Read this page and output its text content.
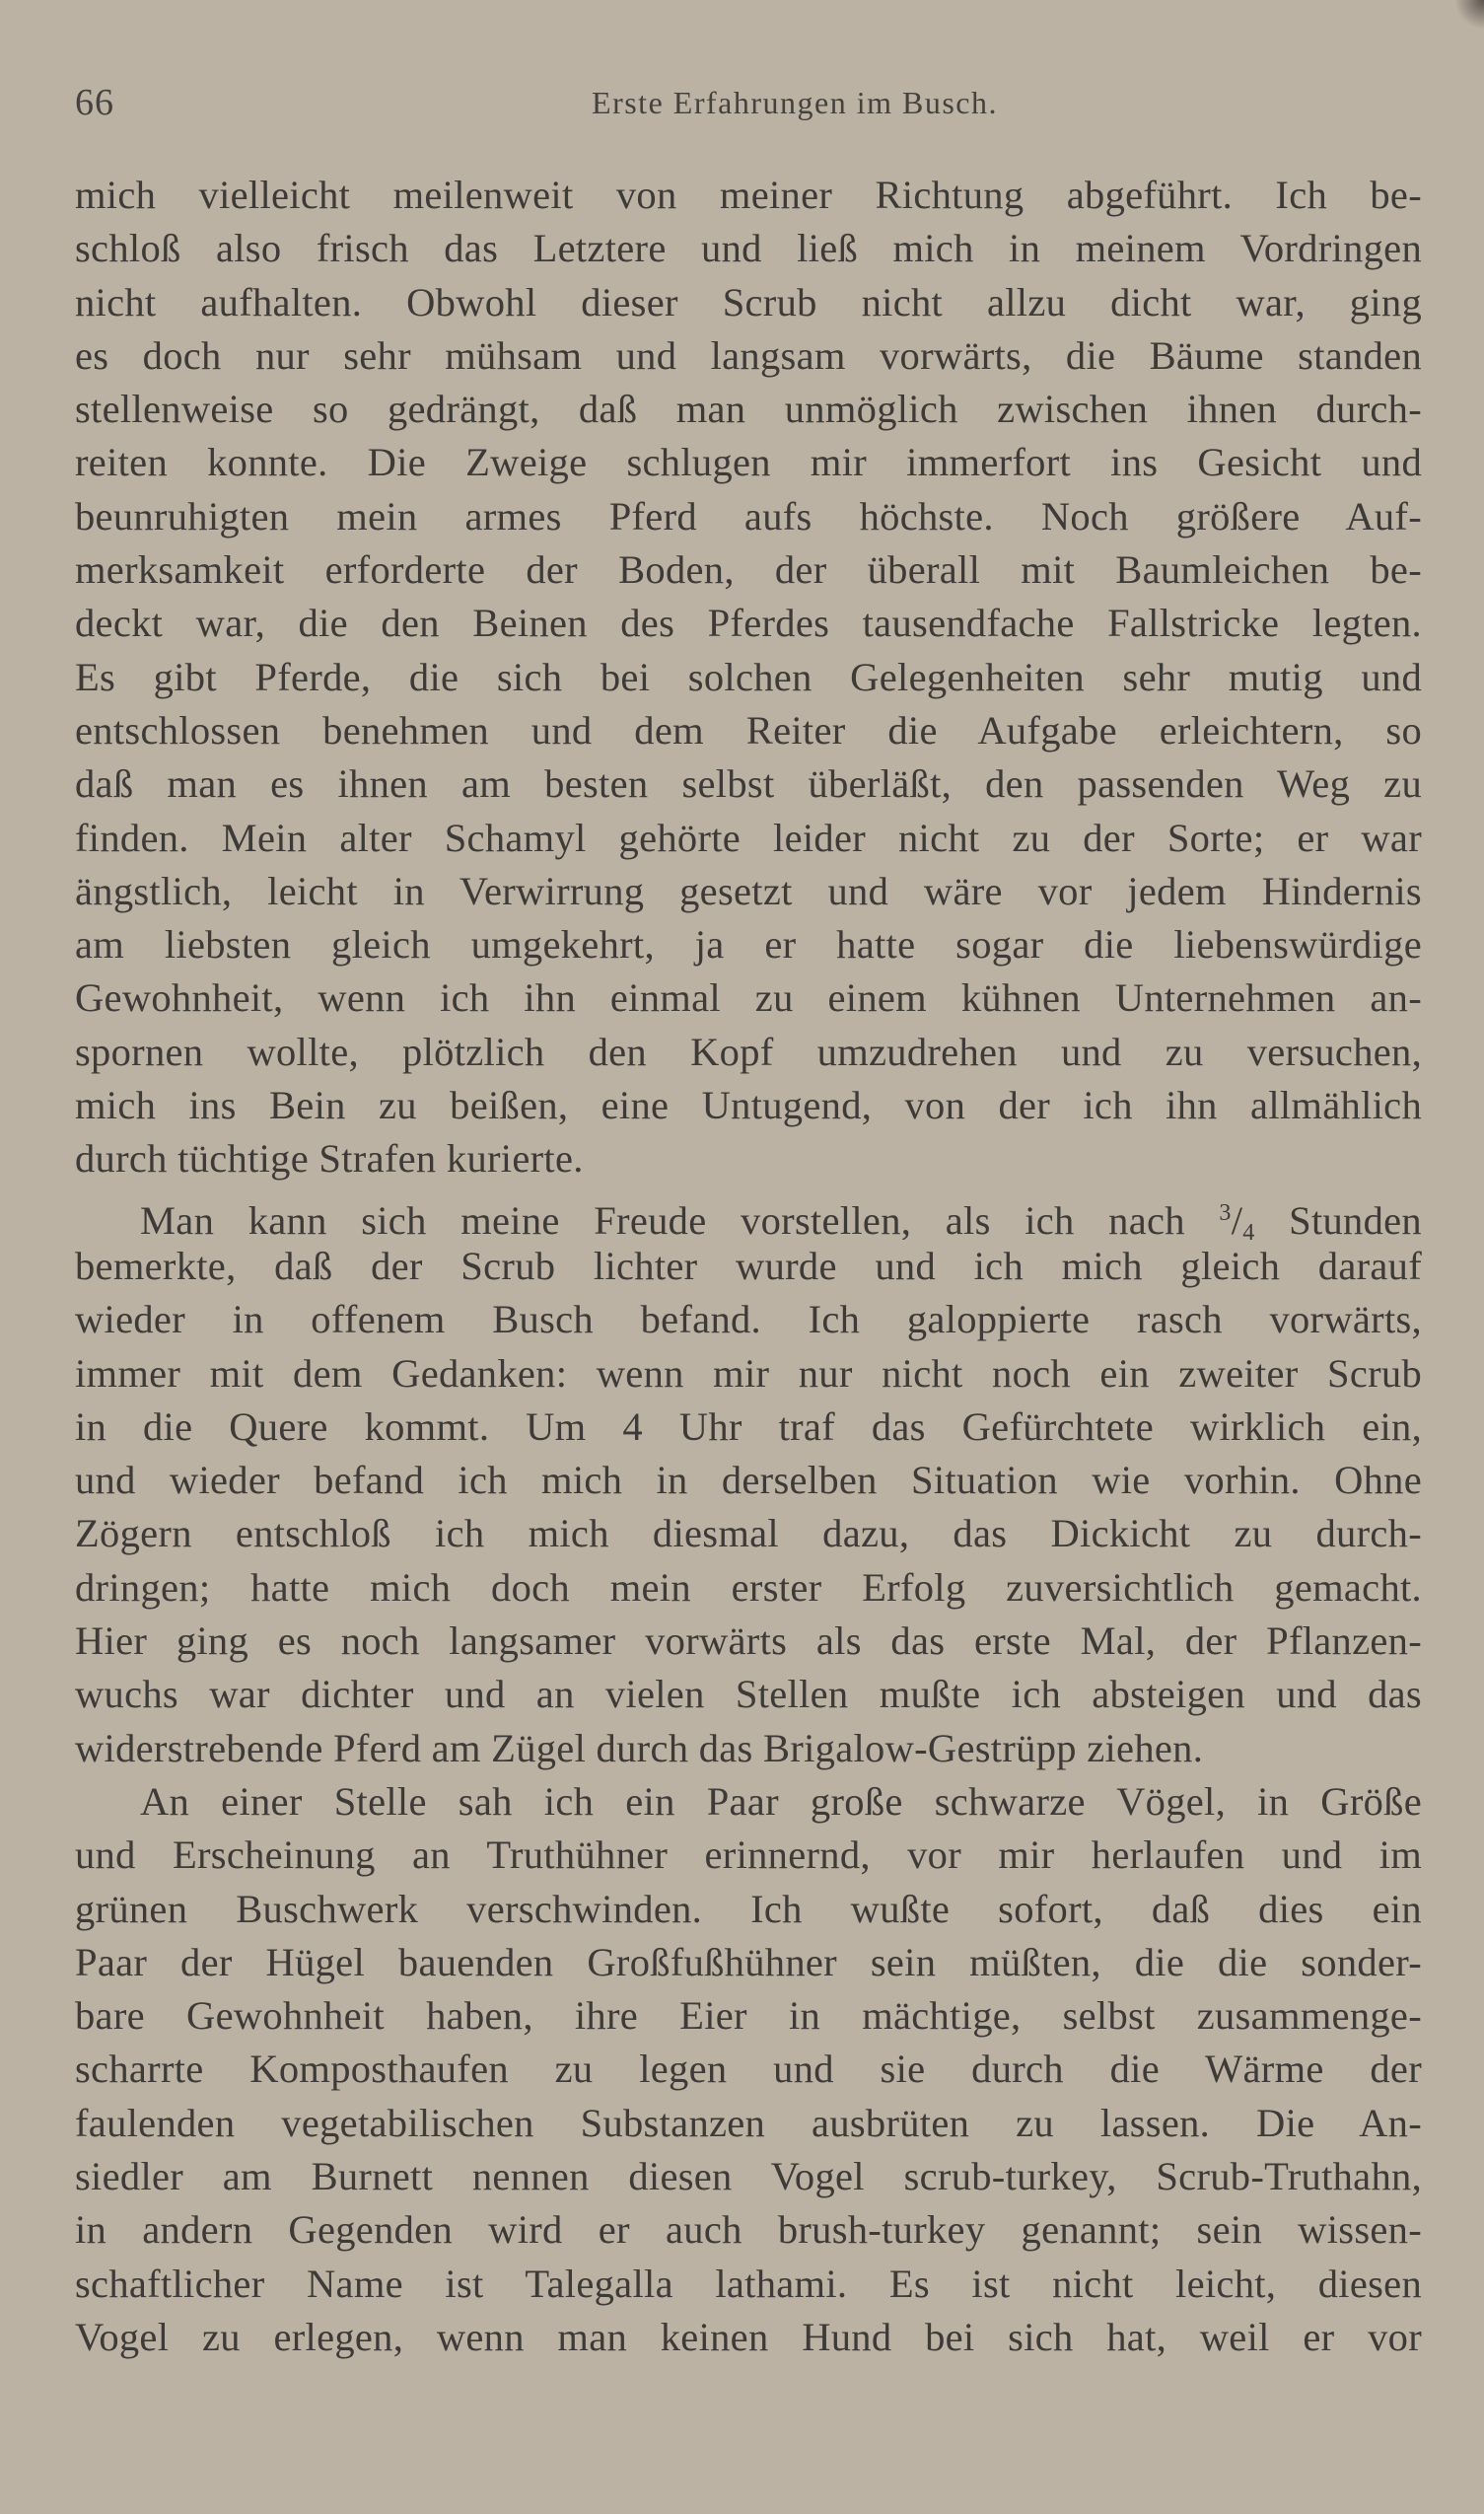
66	Erste Erfahrungen im Busch.
mich vielleicht meilenweit von meiner Richtung abgeführt. Ich be-
schloß also frisch das Letztere und ließ mich in meinem Vordringen
nicht aufhalten. Obwohl dieser Scrub nicht allzu dicht war, ging
es doch nur sehr mühsam und langsam vorwärts, die Bäume standen
stellenweise so gedrängt, daß man unmöglich zwischen ihnen durch-
reiten konnte. Die Zweige schlugen mir immerfort ins Gesicht und
beunruhigten mein armes Pferd aufs höchste. Noch größere Auf-
merksamkeit erforderte der Boden, der überall mit Baumleichen be-
deckt war, die den Beinen des Pferdes tausendfache Fallstricke legten.
Es gibt Pferde, die sich bei solchen Gelegenheiten sehr mutig und
entschlossen benehmen und dem Reiter die Aufgabe erleichtern, so
daß man es ihnen am besten selbst überläßt, den passenden Weg zu
finden. Mein alter Schamyl gehörte leider nicht zu der Sorte; er war
ängstlich, leicht in Verwirrung gesetzt und wäre vor jedem Hindernis
am liebsten gleich umgekehrt, ja er hatte sogar die liebenswürdige
Gewohnheit, wenn ich ihn einmal zu einem kühnen Unternehmen an-
spornen wollte, plötzlich den Kopf umzudrehen und zu versuchen,
mich ins Bein zu beißen, eine Untugend, von der ich ihn allmählich
durch tüchtige Strafen kurierte.
Man kann sich meine Freude vorstellen, als ich nach $^3$/4 Stunden
bemerkte, daß der Scrub lichter wurde und ich mich gleich darauf
wieder in offenem Busch befand. Ich galoppierte rasch vorwärts,
immer mit dem Gedanken: wenn mir nur nicht noch ein zweiter Scrub
in die Quere kommt. Um 4 Uhr traf das Gefürchtete wirklich ein,
und wieder befand ich mich in derselben Situation wie vorhin. Ohne
Zögern entschloß ich mich diesmal dazu, das Dickicht zu durch-
dringen; hatte mich doch mein erster Erfolg zuversichtlich gemacht.
Hier ging es noch langsamer vorwärts als das erste Mal, der Pflanzen-
wuchs war dichter und an vielen Stellen mußte ich absteigen und das
widerstrebende Pferd am Zügel durch das Brigalow-Gestrüpp ziehen.
An einer Stelle sah ich ein Paar große schwarze Vögel, in Größe
und Erscheinung an Truthühner erinnernd, vor mir herlaufen und im
grünen Buschwerk verschwinden. Ich wußte sofort, daß dies ein
Paar der Hügel bauenden Großfußhühner sein müßten, die die sonder-
bare Gewohnheit haben, ihre Eier in mächtige, selbst zusammenge-
scharrte Komposthaufen zu legen und sie durch die Wärme der
faulenden vegetabilischen Substanzen ausbrüten zu lassen. Die An-
siedler am Burnett nennen diesen Vogel scrub-turkey, Scrub-Truthahn,
in andern Gegenden wird er auch brush-turkey genannt; sein wissen-
schaftlicher Name ist Talegalla lathami. Es ist nicht leicht, diesen
Vogel zu erlegen, wenn man keinen Hund bei sich hat, weil er vor
